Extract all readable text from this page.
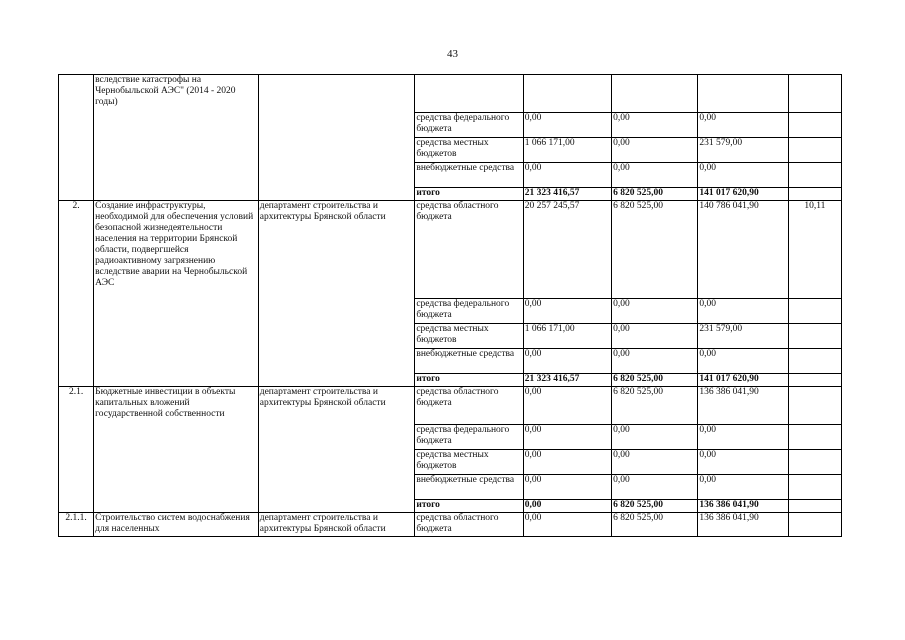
43
	вследствие катастрофы на Чернобыльской АЭС" (2014 - 2020 годы)						
			средства федерального бюджета	0,00	0,00	0,00	
			средства местных бюджетов	1 066 171,00	0,00	231 579,00	
			внебюджетные средства	0,00	0,00	0,00	
			итого	21 323 416,57	6 820 525,00	141 017 620,90	
2.	Создание инфраструктуры, необходимой для обеспечения условий безопасной жизнедеятельности населения на территории Брянской области, подвергшейся радиоактивному загрязнению вследствие аварии на Чернобыльской АЭС	департамент строительства и архитектуры Брянской области	средства областного бюджета	20 257 245,57	6 820 525,00	140 786 041,90	10,11
			средства федерального бюджета	0,00	0,00	0,00	
			средства местных бюджетов	1 066 171,00	0,00	231 579,00	
			внебюджетные средства	0,00	0,00	0,00	
			итого	21 323 416,57	6 820 525,00	141 017 620,90	
2.1.	Бюджетные инвестиции в объекты капитальных вложений государственной собственности	департамент строительства и архитектуры Брянской области	средства областного бюджета	0,00	6 820 525,00	136 386 041,90	
			средства федерального бюджета	0,00	0,00	0,00	
			средства местных бюджетов	0,00	0,00	0,00	
			внебюджетные средства	0,00	0,00	0,00	
			итого	0,00	6 820 525,00	136 386 041,90	
2.1.1.	Строительство систем водоснабжения для населенных	департамент строительства и архитектуры Брянской области	средства областного бюджета	0,00	6 820 525,00	136 386 041,90	
